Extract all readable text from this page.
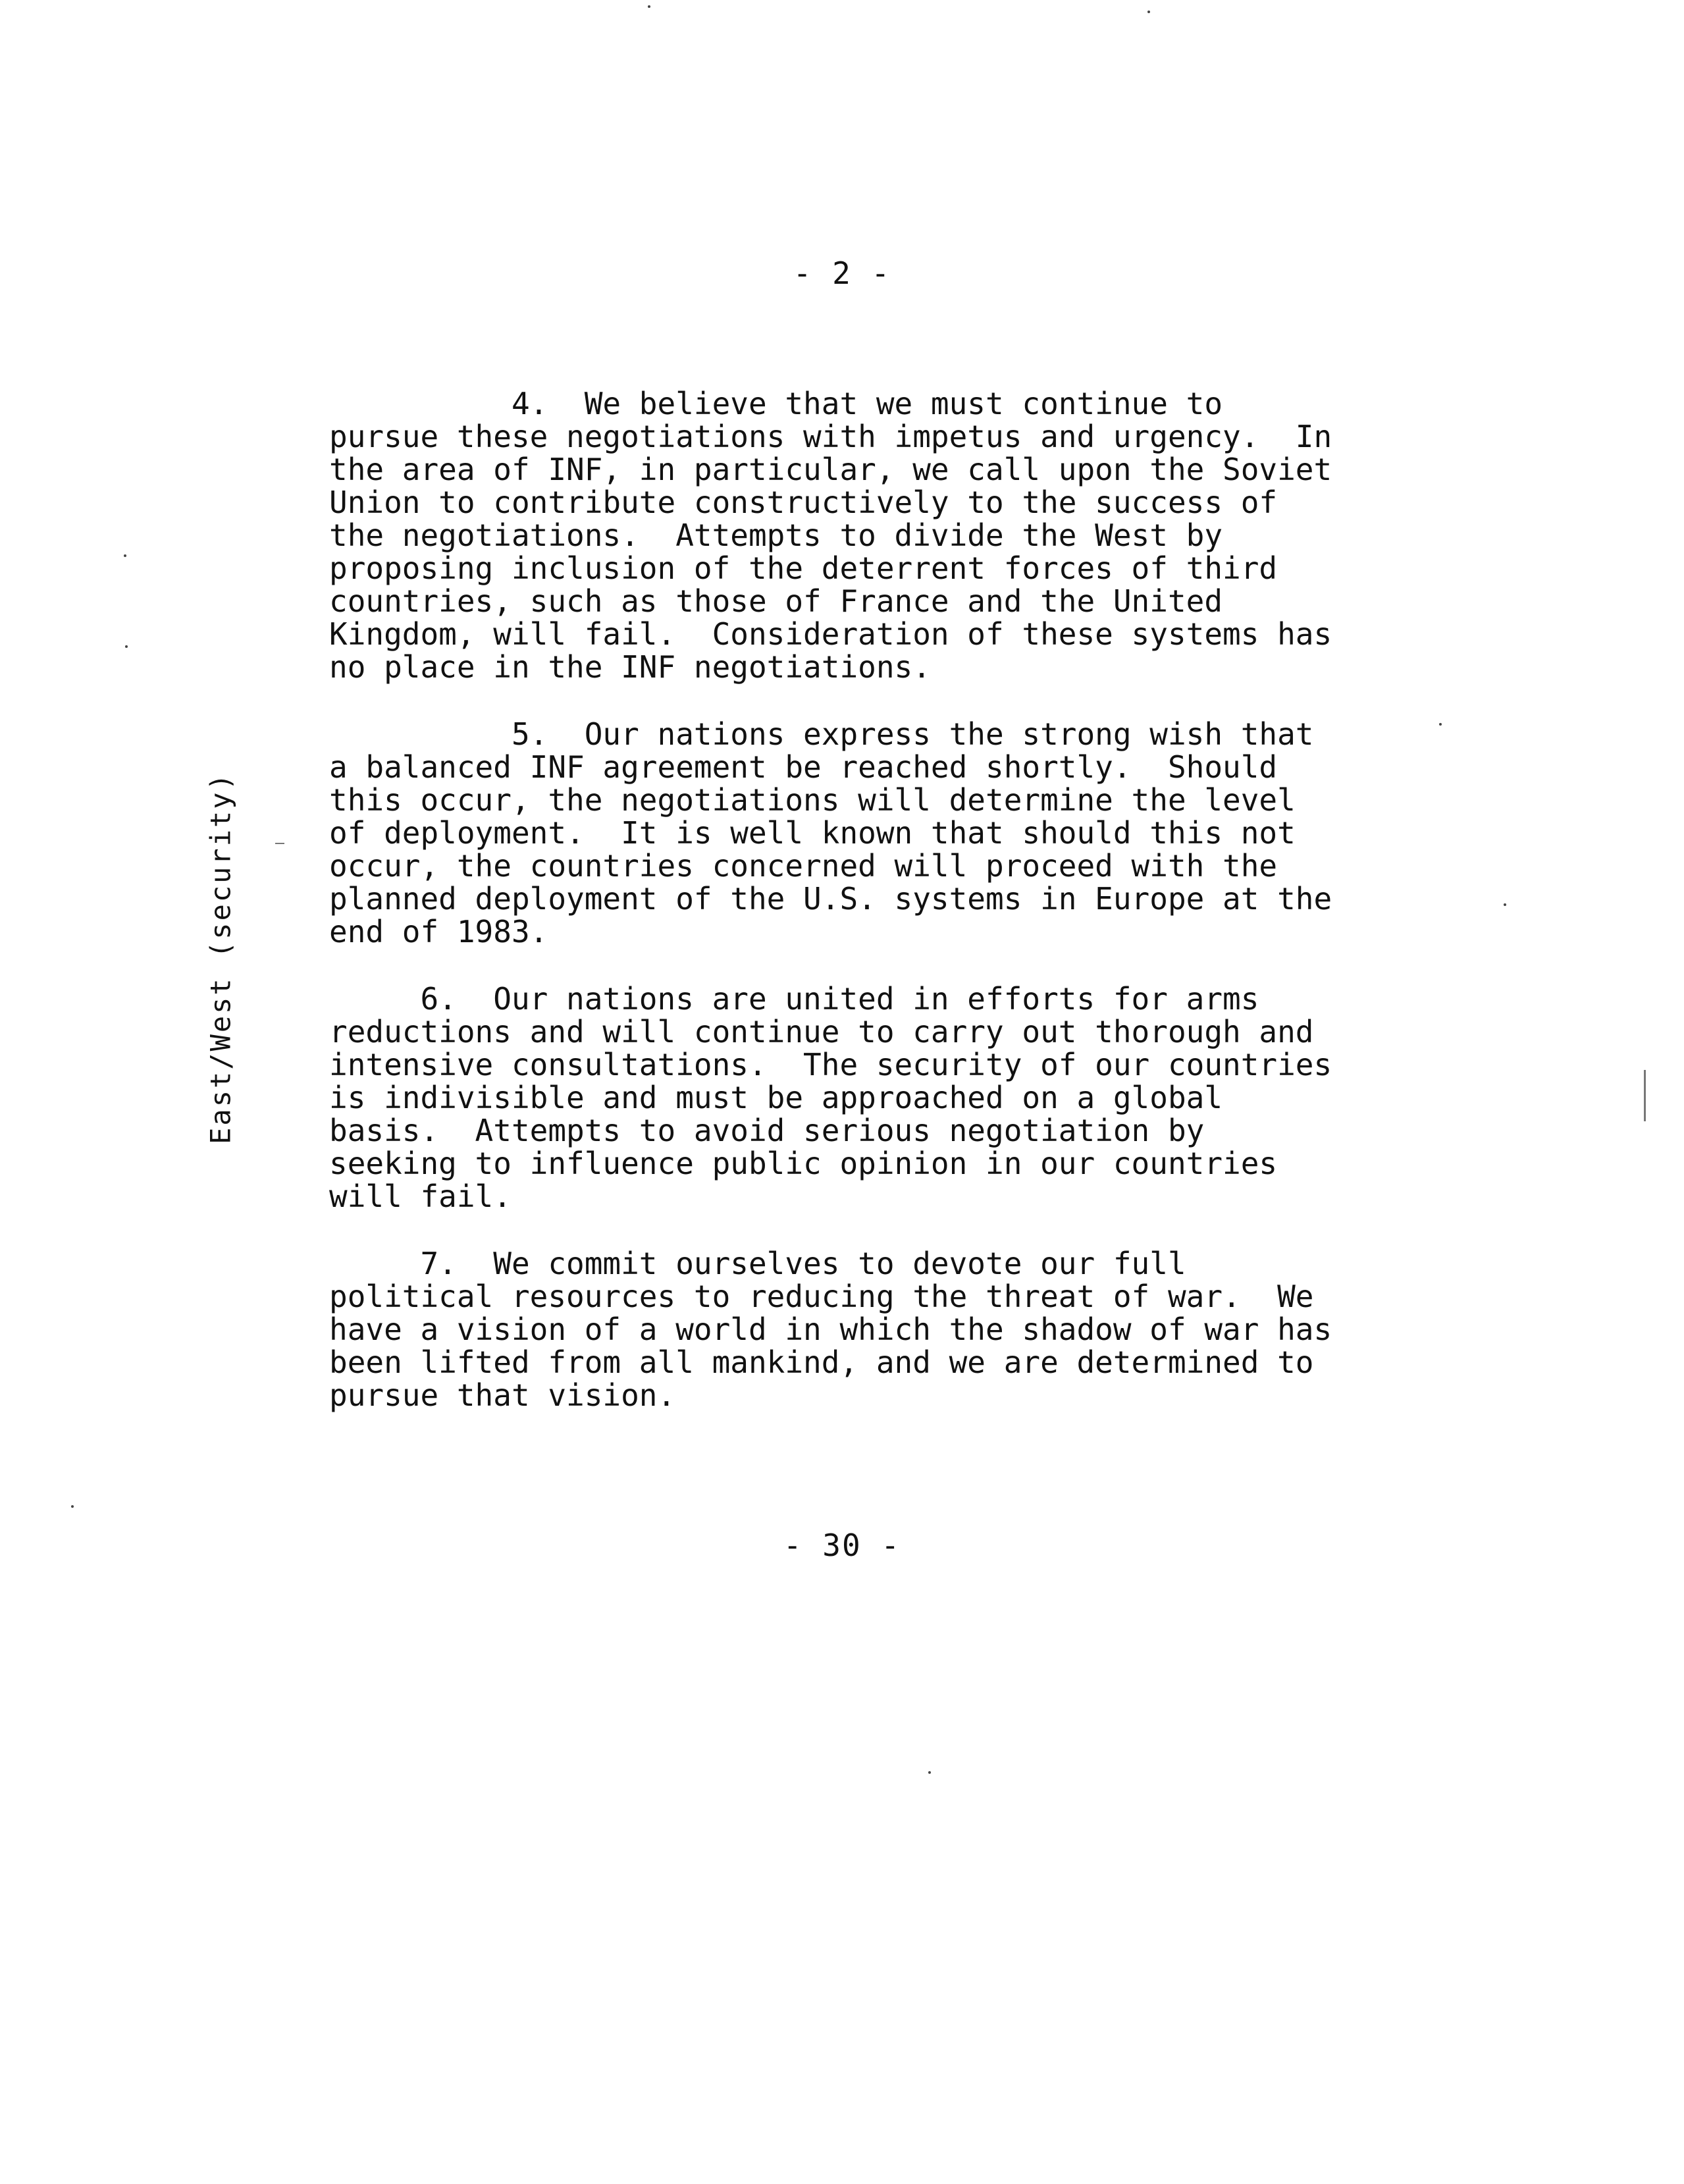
- 2 -
East/West (security)
4.  We believe that we must continue to
pursue these negotiations with impetus and urgency.  In
the area of INF, in particular, we call upon the Soviet
Union to contribute constructively to the success of
the negotiations.  Attempts to divide the West by
proposing inclusion of the deterrent forces of third
countries, such as those of France and the United
Kingdom, will fail.  Consideration of these systems has
no place in the INF negotiations.
5.  Our nations express the strong wish that
a balanced INF agreement be reached shortly.  Should
this occur, the negotiations will determine the level
of deployment.  It is well known that should this not
occur, the countries concerned will proceed with the
planned deployment of the U.S. systems in Europe at the
end of 1983.
6.  Our nations are united in efforts for arms
reductions and will continue to carry out thorough and
intensive consultations.  The security of our countries
is indivisible and must be approached on a global
basis.  Attempts to avoid serious negotiation by
seeking to influence public opinion in our countries
will fail.
7.  We commit ourselves to devote our full
political resources to reducing the threat of war.  We
have a vision of a world in which the shadow of war has
been lifted from all mankind, and we are determined to
pursue that vision.
- 30 -
